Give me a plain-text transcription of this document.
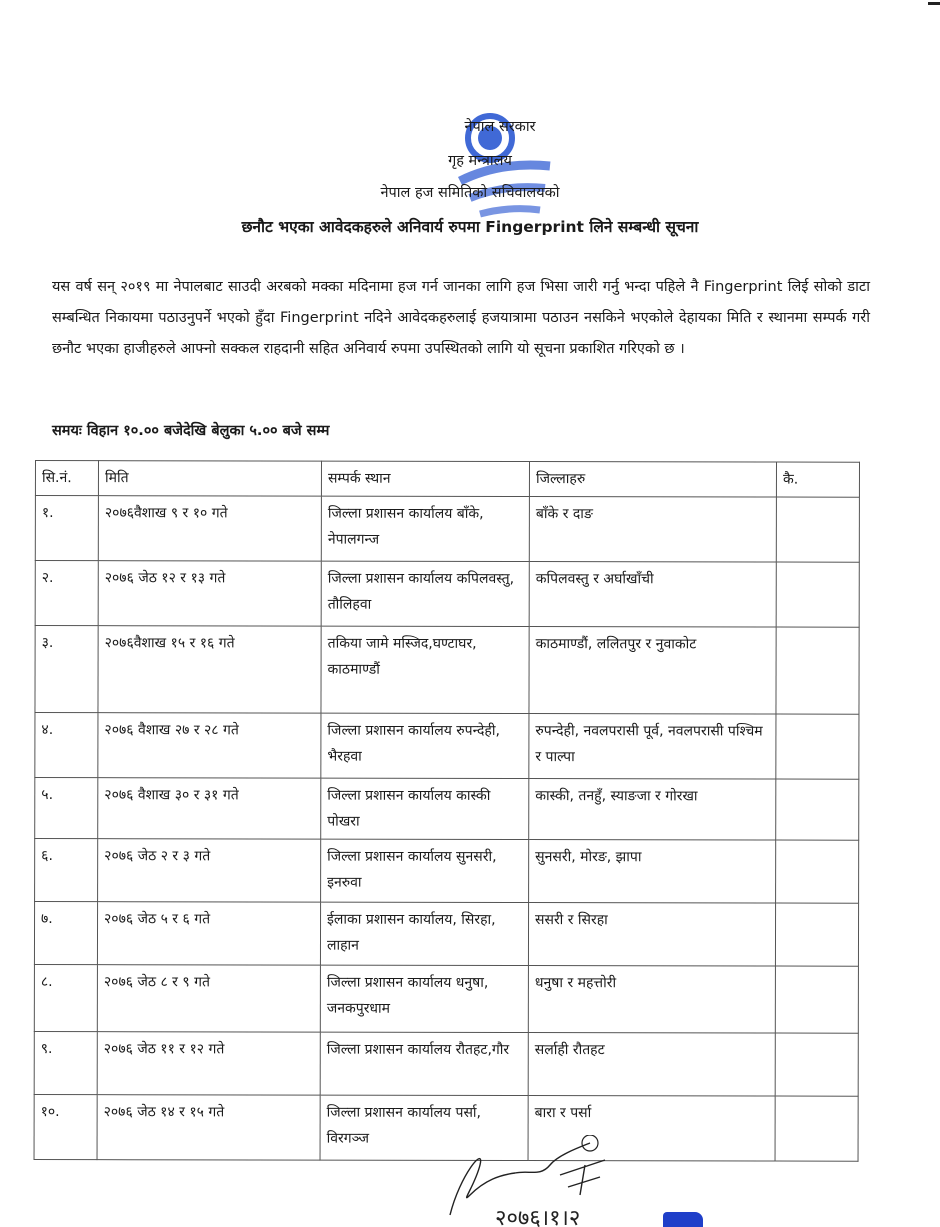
नेपाल सरकार
गृह मन्त्रालय
नेपाल हज समितिको सचिवालयको
छनौट भएका आवेदकहरुले अनिवार्य रुपमा Fingerprint लिने सम्बन्धी सूचना
यस वर्ष सन् २०१९ मा नेपालबाट साउदी अरबको मक्का मदिनामा हज गर्न जानका लागि हज भिसा जारी गर्नु भन्दा पहिले नै Fingerprint लिई सोको डाटा सम्बन्धित निकायमा पठाउनुपर्ने भएको हुँदा Fingerprint नदिने आवेदकहरुलाई हजयात्रामा पठाउन नसकिने भएकोले देहायका मिति र स्थानमा सम्पर्क गरी छनौट भएका हाजीहरुले आफ्नो सक्कल राहदानी सहित अनिवार्य रुपमा उपस्थितको लागि यो सूचना प्रकाशित गरिएको छ ।
समयः विहान १०.०० बजेदेखि बेलुका ५.०० बजे सम्म
सि.नं.	मिति	सम्पर्क स्थान	जिल्लाहरु	कै.
१.	२०७६वैशाख ९ र १० गते	जिल्ला प्रशासन कार्यालय बाँके, नेपालगन्ज	बाँके र दाङ	
२.	२०७६ जेठ १२ र १३ गते	जिल्ला प्रशासन कार्यालय कपिलवस्तु, तौलिहवा	कपिलवस्तु र अर्घाखाँची	
३.	२०७६वैशाख १५ र १६ गते	तकिया जामे मस्जिद,घण्टाघर, काठमाण्डौं	काठमाण्डौं, ललितपुर र नुवाकोट	
४.	२०७६ वैशाख २७ र २८ गते	जिल्ला प्रशासन कार्यालय रुपन्देही, भैरहवा	रुपन्देही, नवलपरासी पूर्व, नवलपरासी पश्चिम र पाल्पा	
५.	२०७६ वैशाख ३० र ३१ गते	जिल्ला प्रशासन कार्यालय कास्की पोखरा	कास्की, तनहुँ, स्याङजा र गोरखा	
६.	२०७६ जेठ २ र ३ गते	जिल्ला प्रशासन कार्यालय सुनसरी, इनरुवा	सुनसरी, मोरङ, झापा	
७.	२०७६ जेठ ५ र ६ गते	ईलाका प्रशासन कार्यालय, सिरहा, लाहान	ससरी र सिरहा	
८.	२०७६ जेठ ८ र ९ गते	जिल्ला प्रशासन कार्यालय धनुषा, जनकपुरधाम	धनुषा र महत्तोरी	
९.	२०७६ जेठ ११ र १२ गते	जिल्ला प्रशासन कार्यालय रौतहट,गौर	सर्लाही रौतहट	
१०.	२०७६ जेठ १४ र १५ गते	जिल्ला प्रशासन कार्यालय पर्सा, विरगञ्ज	बारा र पर्सा	
२०७६।१।२
